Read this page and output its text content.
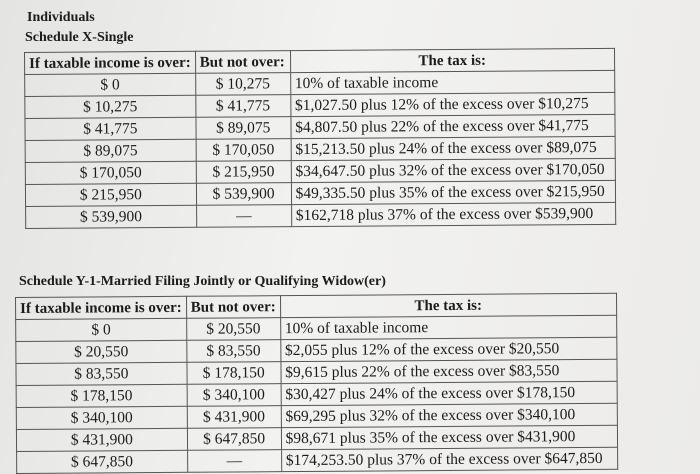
Individuals
Schedule X-Single
If taxable income is over:	But not over:	The tax is:
$ 0	$ 10,275	10% of taxable income
$ 10,275	$ 41,775	$1,027.50 plus 12% of the excess over $10,275
$ 41,775	$ 89,075	$4,807.50 plus 22% of the excess over $41,775
$ 89,075	$ 170,050	$15,213.50 plus 24% of the excess over $89,075
$ 170,050	$ 215,950	$34,647.50 plus 32% of the excess over $170,050
$ 215,950	$ 539,900	$49,335.50 plus 35% of the excess over $215,950
$ 539,900	—	$162,718 plus 37% of the excess over $539,900
Schedule Y-1-Married Filing Jointly or Qualifying Widow(er)
If taxable income is over:	But not over:	The tax is:
$ 0	$ 20,550	10% of taxable income
$ 20,550	$ 83,550	$2,055 plus 12% of the excess over $20,550
$ 83,550	$ 178,150	$9,615 plus 22% of the excess over $83,550
$ 178,150	$ 340,100	$30,427 plus 24% of the excess over $178,150
$ 340,100	$ 431,900	$69,295 plus 32% of the excess over $340,100
$ 431,900	$ 647,850	$98,671 plus 35% of the excess over $431,900
$ 647,850	—	$174,253.50 plus 37% of the excess over $647,850
